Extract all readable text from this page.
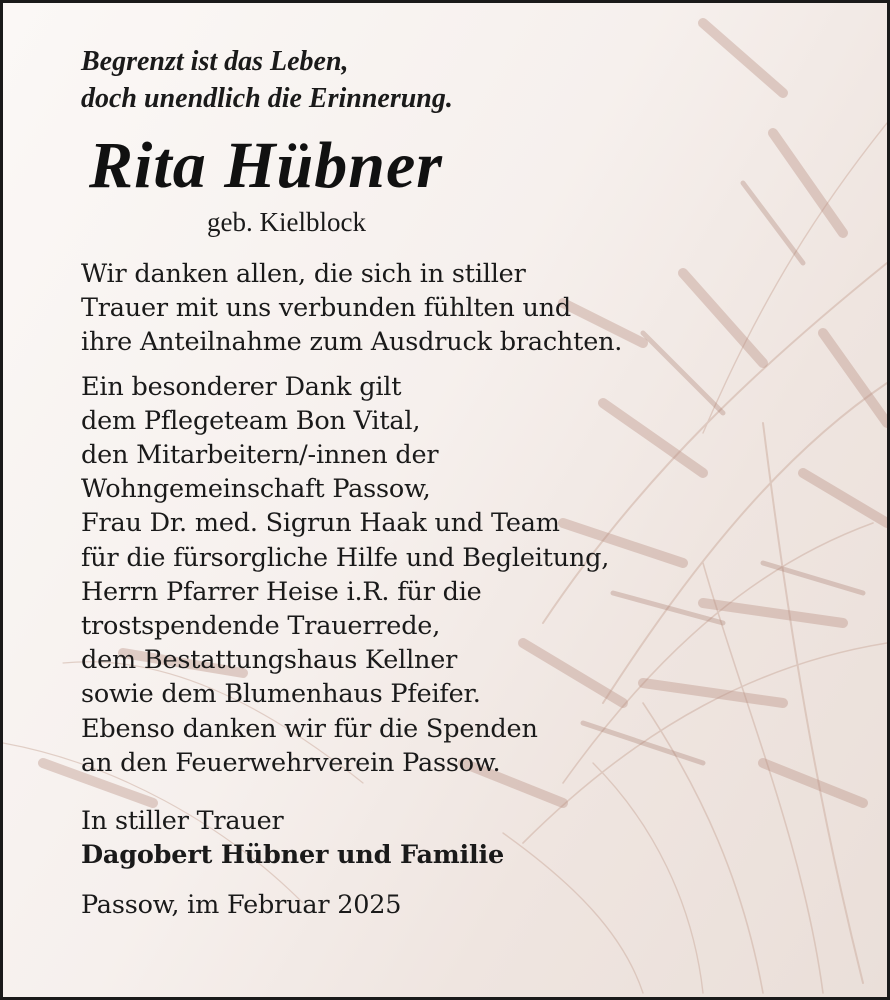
Begrenzt ist das Leben,
doch unendlich die Erinnerung.

Rita Hübner
geb. Kielblock

Wir danken allen, die sich in stiller
Trauer mit uns verbunden fühlten und
ihre Anteilnahme zum Ausdruck brachten.

Ein besonderer Dank gilt
dem Pflegeteam Bon Vital,
den Mitarbeitern/-innen der
Wohngemeinschaft Passow,
Frau Dr. med. Sigrun Haak und Team
für die fürsorgliche Hilfe und Begleitung,
Herrn Pfarrer Heise i.R. für die
trostspendende Trauerrede,
dem Bestattungshaus Kellner
sowie dem Blumenhaus Pfeifer.
Ebenso danken wir für die Spenden
an den Feuerwehrverein Passow.

In stiller Trauer
Dagobert Hübner und Familie

Passow, im Februar 2025
